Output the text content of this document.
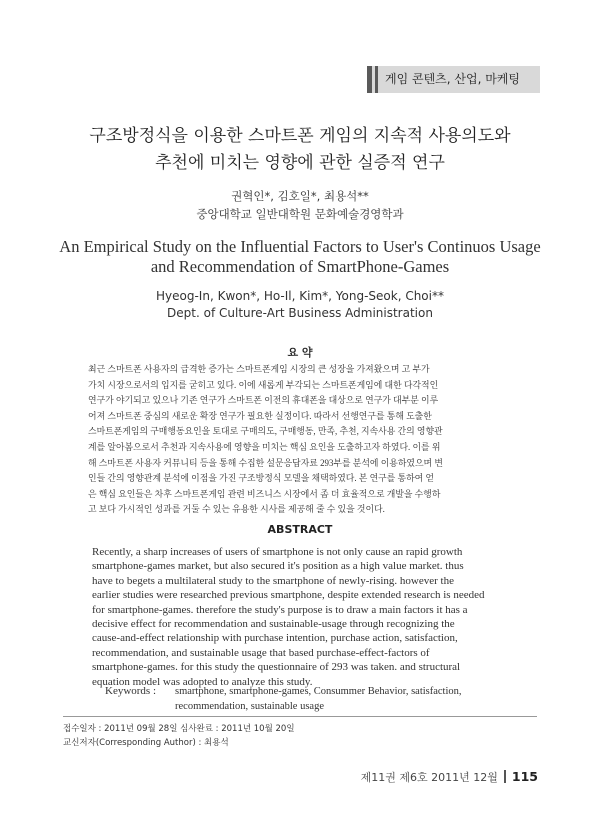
게임 콘텐츠, 산업, 마케팅
구조방정식을 이용한 스마트폰 게임의 지속적 사용의도와
추천에 미치는 영향에 관한 실증적 연구
권혁인*, 김호일*, 최용석**
중앙대학교 일반대학원 문화예술경영학과
An Empirical Study on the Influential Factors to User's Continuos Usage
and Recommendation of SmartPhone-Games
Hyeog-In, Kwon*, Ho-Il, Kim*, Yong-Seok, Choi**
Dept. of Culture-Art Business Administration
요 약
최근 스마트폰 사용자의 급격한 증가는 스마트폰게임 시장의 큰 성장을 가져왔으며 고 부가
가치 시장으로서의 입지를 굳히고 있다. 이에 새롭게 부각되는 스마트폰게임에 대한 다각적인
연구가 야기되고 있으나 기존 연구가 스마트폰 이전의 휴대폰을 대상으로 연구가 대부분 이루
어져 스마트폰 중심의 새로운 확장 연구가 필요한 실정이다. 따라서 선행연구를 통해 도출한
스마트폰게임의 구매행동요인을 토대로 구매의도, 구매행동, 만족, 추천, 지속사용 간의 영향관
계를 알아봄으로서 추천과 지속사용에 영향을 미치는 핵심 요인을 도출하고자 하였다. 이를 위
해 스마트폰 사용자 커뮤니티 등을 통해 수집한 설문응답자료 293부를 분석에 이용하였으며 변
인들 간의 영향관계 분석에 이점을 가진 구조방정식 모델을 채택하였다. 본 연구를 통하여 얻
은 핵심 요인들은 차후 스마트폰게임 관련 비즈니스 시장에서 좀 더 효율적으로 개발을 수행하
고 보다 가시적인 성과를 거둘 수 있는 유용한 시사를 제공해 줄 수 있을 것이다.
ABSTRACT
Recently, a sharp increases of users of smartphone is not only cause an rapid growth
smartphone-games market, but also secured it's position as a high value market. thus
have to begets a multilateral study to the smartphone of newly-rising. however the
earlier studies were researched previous smartphone, despite extended research is needed
for smartphone-games. therefore the study's purpose is to draw a main factors it has a
decisive effect for recommendation and sustainable-usage through recognizing the
cause-and-effect relationship with purchase intention, purchase action, satisfaction,
recommendation, and sustainable usage that based purchase-effect-factors of
smartphone-games. for this study the questionnaire of 293 was taken. and structural
equation model was adopted to analyze this study.
Keywords : smartphone, smartphone-games, Consummer Behavior, satisfaction,
recommendation, sustainable usage
접수일자 : 2011년 09월 28일 심사완료 : 2011년 10월 20일
교신저자(Corresponding Author) : 최용석
제11권 제6호 2011년 12월 115
